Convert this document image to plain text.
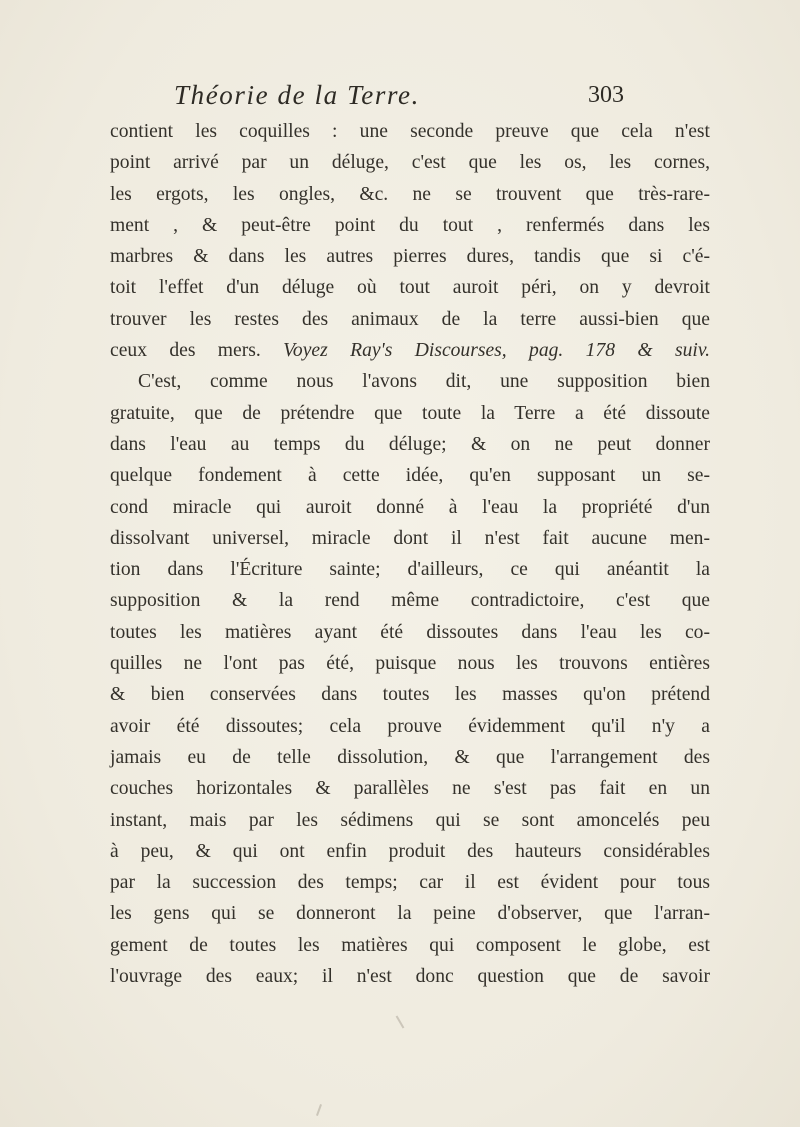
Théorie de la Terre.	303
contient les coquilles : une seconde preuve que cela n'est
point arrivé par un déluge, c'est que les os, les cornes,
les ergots, les ongles, &c. ne se trouvent que très-rare-
ment , & peut-être point du tout , renfermés dans les
marbres & dans les autres pierres dures, tandis que si c'é-
toit l'effet d'un déluge où tout auroit péri, on y devroit
trouver les restes des animaux de la terre aussi-bien que
ceux des mers. Voyez Ray's Discourses, pag. 178 & suiv.
C'est, comme nous l'avons dit, une supposition bien
gratuite, que de prétendre que toute la Terre a été dissoute
dans l'eau au temps du déluge; & on ne peut donner
quelque fondement à cette idée, qu'en supposant un se-
cond miracle qui auroit donné à l'eau la propriété d'un
dissolvant universel, miracle dont il n'est fait aucune men-
tion dans l'Écriture sainte; d'ailleurs, ce qui anéantit la
supposition & la rend même contradictoire, c'est que
toutes les matières ayant été dissoutes dans l'eau les co-
quilles ne l'ont pas été, puisque nous les trouvons entières
& bien conservées dans toutes les masses qu'on prétend
avoir été dissoutes; cela prouve évidemment qu'il n'y a
jamais eu de telle dissolution, & que l'arrangement des
couches horizontales & parallèles ne s'est pas fait en un
instant, mais par les sédimens qui se sont amoncelés peu
à peu, & qui ont enfin produit des hauteurs considérables
par la succession des temps; car il est évident pour tous
les gens qui se donneront la peine d'observer, que l'arran-
gement de toutes les matières qui composent le globe, est
l'ouvrage des eaux; il n'est donc question que de savoir
